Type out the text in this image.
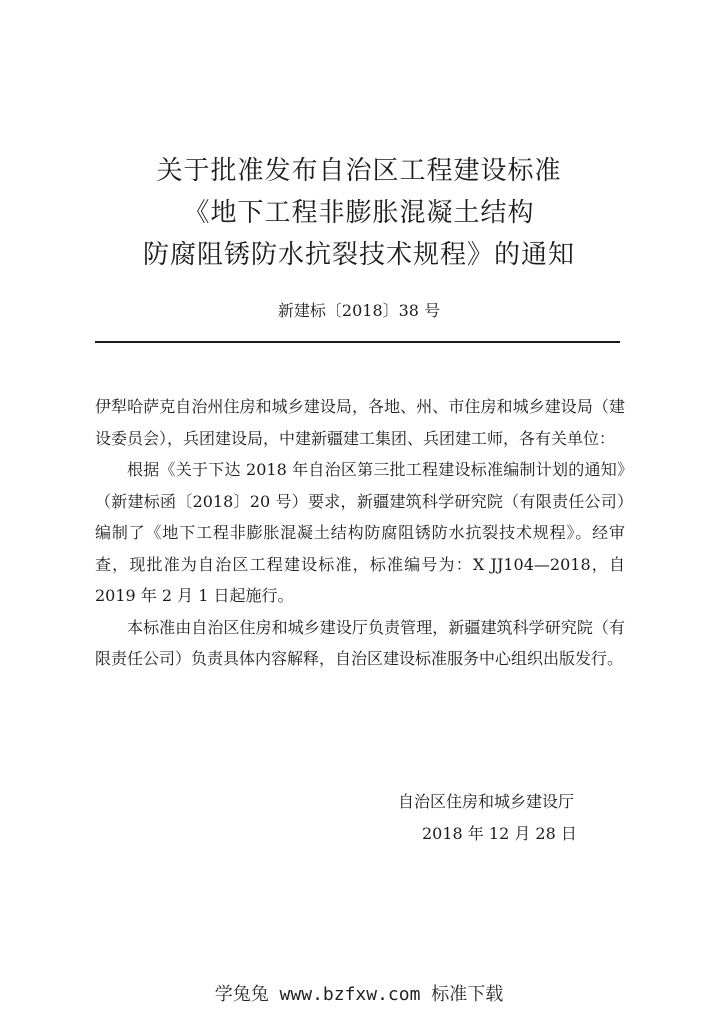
关于批准发布自治区工程建设标准
《地下工程非膨胀混凝土结构
防腐阻锈防水抗裂技术规程》的通知
新建标〔2018〕38 号

伊犁哈萨克自治州住房和城乡建设局，各地、州、市住房和城乡建设局（建设委员会），兵团建设局，中建新疆建工集团、兵团建工师，各有关单位：

根据《关于下达 2018 年自治区第三批工程建设标准编制计划的通知》（新建标函〔2018〕20 号）要求，新疆建筑科学研究院（有限责任公司）编制了《地下工程非膨胀混凝土结构防腐阻锈防水抗裂技术规程》。经审查，现批准为自治区工程建设标准，标准编号为：X JJ104—2018，自 2019 年 2 月 1 日起施行。

本标准由自治区住房和城乡建设厅负责管理，新疆建筑科学研究院（有限责任公司）负责具体内容解释，自治区建设标准服务中心组织出版发行。

自治区住房和城乡建设厅
2018 年 12 月 28 日
学兔兔 www.bzfxw.com 标准下载
